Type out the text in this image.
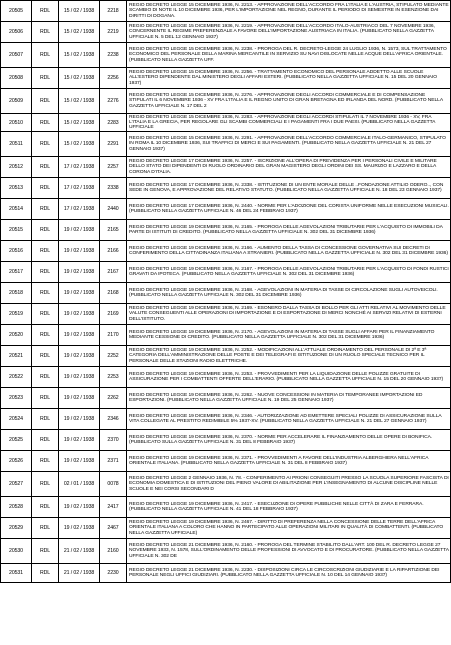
20505	RDL	15 / 02 / 1938	2218	REGIO DECRETO LEGGE 15 DICEMBRE 1936, N. 2213. - APPROVAZIONE DELL'ACCORDO FRA L'ITALIA E L'AUSTRIA, STIPULATO MEDIANTE SCAMBIO DI NOTE IL 10 DICEMBRE 1936, PER L'IMPORTAZIONE NEL REGNO, DURANTE IL PERIODO DI SEMESTRE IN ESENZIONE DAI DIRITTI DI DOGANA.
20506	RDL	15 / 02 / 1938	2219	REGIO DECRETO LEGGE 15 DICEMBRE 1936, N. 2219. - APPROVAZIONE DELL'ACCORDO ITALO-AUSTRIACO DEL 7 NOVEMBRE 1936, CONCERNENTE IL REGIME PREFERENZIALE A FAVORE DELL'IMPORTAZIONE AUSTRIACA IN ITALIA. (PUBBLICATO NELLA GAZZETTA UFFICIALE N. 5 DEL 12 GENNAIO 1937)
20507	RDL	15 / 02 / 1938	2238	REGIO DECRETO LEGGE 15 DICEMBRE 1936, N. 2238. - PROROGA DEL R. DECRETO-LEGGE 24 LUGLIO 1936, N. 1573, SUL TRATTAMENTO ECONOMICO DEL PERSONALE DELLA MARINA MERCANTILE IN SERVIZIO SU NAVI DISLOCATE NELLE ACQUE DELL'AFRICA ORIENTALE. (PUBBLICATO NELLA GAZZETTA UFF.
20508	RDL	15 / 02 / 1938	2256	REGIO DECRETO LEGGE 15 DICEMBRE 1936, N. 2256. - TRATTAMENTO ECONOMICO DEL PERSONALE ADDETTO ALLE SCUOLE ALL'ESTERO DIPENDENTE DAL MINISTERO DEGLI AFFARI ESTERI. (PUBBLICATO NELLA GAZZETTA UFFICIALE N. 15 DEL 20 GENNAIO 1937)
20509	RDL	15 / 02 / 1938	2276	REGIO DECRETO LEGGE 15 DICEMBRE 1936, N. 2276. - APPROVAZIONE DEGLI ACCORDI COMMERCIALE E DI COMPENSAZIONE STIPULATI IL 6 NOVEMBRE 1936 - XV FRA L'ITALIA E IL REGNO UNITO DI GRAN BRETAGNA ED IRLANDA DEL NORD. (PUBBLICATO NELLA GAZZETTA UFFICIALE N. 17 DEL 2
20510	RDL	15 / 02 / 1938	2283	REGIO DECRETO LEGGE 15 DICEMBRE 1936, N. 2283. - APPROVAZIONE DEGLI ACCORDI STIPULATI IL 7 NOVEMBRE 1936 - XV, FRA L'ITALIA E LA GRECIA, PER REGOLARE GLI SCAMBI COMMERCIALI E I PAGAMENTI FRA I DUE PAESI. (PUBBLICATO NELLA GAZZETTA UFFICIALE
20511	RDL	15 / 02 / 1938	2291	REGIO DECRETO LEGGE 15 DICEMBRE 1936, N. 2291. - APPROVAZIONE DELL'ACCORDO COMMERCIALE ITALO-GERMANICO, STIPULATO IN ROMA IL 10 DICEMBRE 1936, SUI TRAFFICI DI MERCI E SUI PAGAMENTI. (PUBBLICATO NELLA GAZZETTA UFFICIALE N. 21 DEL 27 GENNAIO 1937)
20512	RDL	17 / 02 / 1938	2257	REGIO DECRETO LEGGE 17 DICEMBRE 1936, N. 2257. - ISCRIZIONE ALL'OPERA DI PREVIDENZA PER I PERSONALI CIVILE E MILITARE DELLO STATO DEI DIPENDENTI DI RUOLO ORDINARIO DEL GRAN MAGISTERO DEGLI ORDINI DEI SS. MAURIZIO E LAZZARO E DELLA CORONA D'ITALIA.
20513	RDL	17 / 02 / 1938	2338	REGIO DECRETO LEGGE 17 DICEMBRE 1936, N. 2338. - ISTITUZIONE DI UN ENTE MORALE DELLE ..FONDAZIONE ATTILIO ODERO.., CON SEDE IN GENOVA, E APPROVAZIONE DEL RELATIVO STATUTO. (PUBBLICATO NELLA GAZZETTA UFFICIALE N. 18 DEL 23 GENNAIO 1937)
20514	RDL	17 / 02 / 1938	2440	REGIO DECRETO LEGGE 17 DICEMBRE 1936, N. 2440. - NORME PER L'ADOZIONE DEL CORISTA UNIFORME NELLE ESECUZIONI MUSICALI. (PUBBLICATO NELLA GAZZETTA UFFICIALE N. 46 DEL 24 FEBBRAIO 1937)
20515	RDL	19 / 02 / 1938	2165	REGIO DECRETO LEGGE 19 DICEMBRE 1936, N. 2165. - PROROGA DELLE AGEVOLAZIONI TRIBUTARIE PER L'ACQUISTO DI IMMOBILI DA PARTE DI ISTITUTI DI CREDITO. (PUBBLICATO NELLA GAZZETTA UFFICIALE N. 302 DEL 31 DICEMBRE 1936)
20516	RDL	19 / 02 / 1938	2166	REGIO DECRETO LEGGE 19 DICEMBRE 1936, N. 2166. - AUMENTO DELLA TASSA DI CONCESSIONE GOVERNATIVA SUI DECRETI DI CONFERIMENTO DELLA CITTADINANZA ITALIANA A STRANIERI. (PUBBLICATO NELLA GAZZETTA UFFICIALE N. 302 DEL 31 DICEMBRE 1936)
20517	RDL	19 / 02 / 1938	2167	REGIO DECRETO LEGGE 19 DICEMBRE 1936, N. 2167. - PROROGA DELLE AGEVOLAZIONI TRIBUTARIE PER L'ACQUISTO DI FONDI RUSTICI GRAVATI DA IPOTECA. (PUBBLICATO NELLA GAZZETTA UFFICIALE N. 302 DEL 31 DICEMBRE 1936)
20518	RDL	19 / 02 / 1938	2168	REGIO DECRETO LEGGE 19 DICEMBRE 1936, N. 2168. - AGEVOLAZIONI IN MATERIA DI TASSE DI CIRCOLAZIONE SUGLI AUTOVEICOLI. (PUBBLICATO NELLA GAZZETTA UFFICIALE N. 302 DEL 31 DICEMBRE 1936)
20519	RDL	19 / 02 / 1938	2169	REGIO DECRETO LEGGE 19 DICEMBRE 1936, N. 2169. - ESONERO DALLA TASSA DI BOLLO PER GLI ATTI RELATIVI AL MOVIMENTO DELLE VALUTE CONSEGUENTI ALLE OPERAZIONI DI IMPORTAZIONE E DI ESPORTAZIONE DI MERCI NONCHÉ AI SERVIZI RELATIVI DI ESTERNI DELL'ISTITUTO.
20520	RDL	19 / 02 / 1938	2170	REGIO DECRETO LEGGE 19 DICEMBRE 1936, N. 2170. - AGEVOLAZIONI IN MATERIA DI TASSE SUGLI AFFARI PER IL FINANZIAMENTO MEDIANTE CESSIONE DI CREDITO. (PUBBLICATO NELLA GAZZETTA UFFICIALE N. 302 DEL 31 DICEMBRE 1936)
20521	RDL	19 / 02 / 1938	2252	REGIO DECRETO LEGGE 19 DICEMBRE 1936, N. 2252. - MODIFICAZIONI ALL'ATTUALE ORDINAMENTO DEL PERSONALE DI 2ª E 3ª CATEGORIA DELL'AMMINISTRAZIONE DELLE POSTE E DEI TELEGRAFI E ISTITUZIONE DI UN RUOLO SPECIALE TECNICO PER IL PERSONALE DELLE STAZIONI RADIO ELETTRICHE.
20522	RDL	19 / 02 / 1938	2253	REGIO DECRETO LEGGE 19 DICEMBRE 1936, N. 2253. - PROVVEDIMENTI PER LA LIQUIDAZIONE DELLE POLIZZE GRATUITE DI ASSICURAZIONE PER I COMBATTENTI OFFERTE DELL'ERARIO. (PUBBLICATO NELLA GAZZETTA UFFICIALE N. 15 DEL 20 GENNAIO 1937)
20523	RDL	19 / 02 / 1938	2262	REGIO DECRETO LEGGE 19 DICEMBRE 1936, N. 2262. - NUOVE CONCESSIONI IN MATERIA DI TEMPORANEE IMPORTAZIONI ED ESPORTAZIONI. (PUBBLICATO NELLA GAZZETTA UFFICIALE N. 19 DEL 25 GENNAIO 1937)
20524	RDL	19 / 02 / 1938	2346	REGIO DECRETO LEGGE 19 DICEMBRE 1936, N. 2346. - AUTORIZZAZIONE AD EMETTERE SPECIALI POLIZZE DI ASSICURAZIONE SULLA VITA COLLEGATE AL PRESTITO REDIMIBILE 5% 1937-XV. (PUBBLICATO NELLA GAZZETTA UFFICIALE N. 21 DEL 27 GENNAIO 1937)
20525	RDL	19 / 02 / 1938	2370	REGIO DECRETO LEGGE 19 DICEMBRE 1936, N. 2370. - NORME PER ACCELERARE IL FINANZIAMENTO DELLE OPERE DI BONIFICA. (PUBBLICATO SULLA GAZZETTA UFFICIALE N. 31 DEL 8 FEBBRAIO 1937)
20526	RDL	19 / 02 / 1938	2371	REGIO DECRETO LEGGE 19 DICEMBRE 1936, N. 2371. - PROVVEDIMENTI A FAVORE DELL'INDUSTRIA ALBERGHIERA NELL'AFRICA ORIENTALE ITALIANA. (PUBBLICATO NELLA GAZZETTA UFFICIALE N. 31 DEL 8 FEBBRAIO 1937)
20527	RDL	02 / 01 / 1938	0078	REGIO DECRETO LEGGE 2 GENNAIO 1936, N. 78. - CONFERIMENTO AI PRIONI CONSEGUITI PRESSO LA SCUOLA SUPERIORE FASCISTA DI ECONOMIA DOMESTICA E DI ISTITUZIONI DEL PIENO VALORE DI ABILITAZIONE PER L'INSEGNAMENTO DI ALCUNE DISCIPLINE NELLE SCUOLE E NEI CORSI SECONDARI D
20528	RDL	19 / 02 / 1938	2417	REGIO DECRETO LEGGE 19 DICEMBRE 1936, N. 2417. - ESECUZIONE DI OPERE PUBBLICHE NELLE CITTÀ DI ZARA E FERRARA. (PUBBLICATO NELLA GAZZETTA UFFICIALE N. 41 DEL 18 FEBBRAIO 1937)
20529	RDL	19 / 02 / 1938	2467	REGIO DECRETO LEGGE 19 DICEMBRE 1936, N. 2467. - DIRITTO DI PREFERENZA NELLA CONCESSIONE DELLE TERRE DELL'AFRICA ORIENTALE ITALIANA A COLORO CHE HANNO IN PARTECIPATO ALLE OPERAZIONI MILITARI IN QUALITÀ DI COMBATTENTI. (PUBBLICATO NELLA GAZZETTA UFFICIALE)
20530	RDL	21 / 02 / 1938	2160	REGIO DECRETO LEGGE 21 DICEMBRE 1936, N. 2160. - PROROGA DEL TERMINE STABILITO DALL'ART. 100 DEL R. DECRETO LEGGE 27 NOVEMBRE 1933, N. 1578, SULL'ORDINAMENTO DELLE PROFESSIONI DI AVVOCATO E DI PROCURATORE. (PUBBLICATO NELLA GAZZETTA UFFICIALE N. 302 DE
20531	RDL	21 / 02 / 1938	2230	REGIO DECRETO LEGGE 21 DICEMBRE 1936, N. 2230. - DISPOSIZIONI CIRCA LE CIRCOSCRIZIONI GIUDIZIARIE E LA RIPARTIZIONE DEI PERSONALE NEGLI UFFICI GIUDIZIARI. (PUBBLICATO NELLA GAZZETTA UFFICIALE N. 10 DEL 14 GENNAIO 1937)
